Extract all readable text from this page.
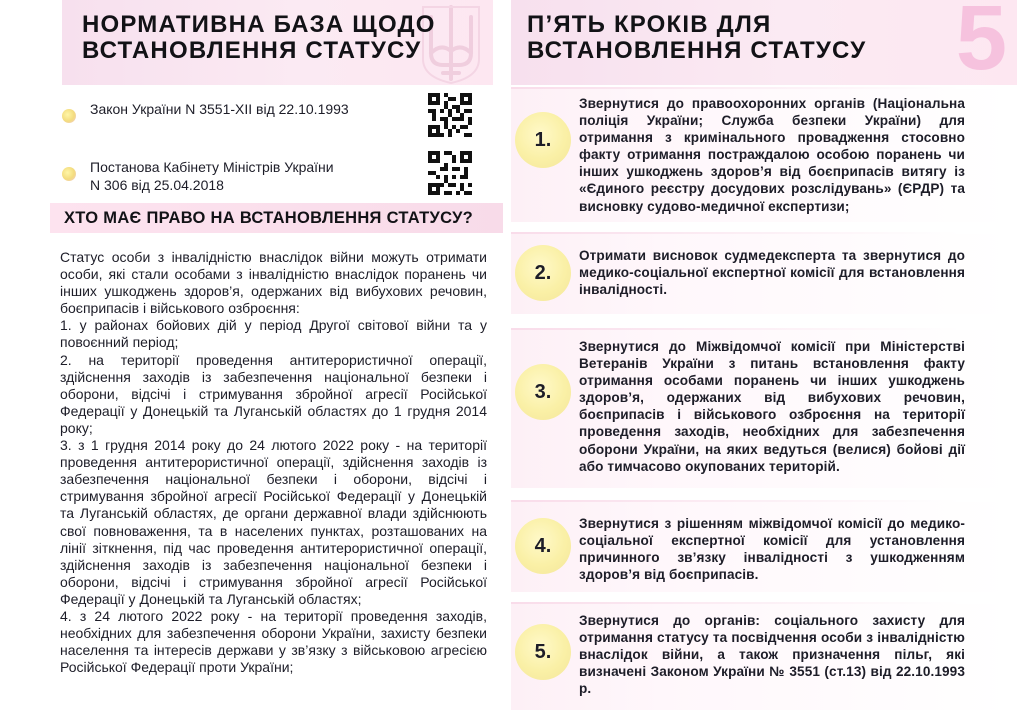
НОРМАТИВНА БАЗА ЩОДО
ВСТАНОВЛЕННЯ СТАТУСУ
Закон України N 3551-XII від 22.10.1993
Постанова Кабінету Міністрів України
N 306 від 25.04.2018
ХТО МАЄ ПРАВО НА ВСТАНОВЛЕННЯ СТАТУСУ?

Статус особи з інвалідністю внаслідок війни можуть отримати особи, які стали особами з інвалідністю внаслідок поранень чи інших ушкоджень здоров’я, одержаних від вибухових речовин, боєприпасів і військового озброєння:

1. у районах бойових дій у період Другої світової війни та у повоєнний період;

2. на території проведення антитерористичної операції, здійснення заходів із забезпечення національної безпеки і оборони, відсічі і стримування збройної агресії Російської Федерації у Донецькій та Луганській областях до 1 грудня 2014 року;

3. з 1 грудня 2014 року до 24 лютого 2022 року - на території проведення антитерористичної операції, здійснення заходів із забезпечення національної безпеки і оборони, відсічі і стримування збройної агресії Російської Федерації у Донецькій та Луганській областях, де органи державної влади здійснюють свої повноваження, та в населених пунктах, розташованих на лінії зіткнення, під час проведення антитерористичної операції, здійснення заходів із забезпечення національної безпеки і оборони, відсічі і стримування збройної агресії Російської Федерації у Донецькій та Луганській областях;

4. з 24 лютого 2022 року - на території проведення заходів, необхідних для забезпечення оборони України, захисту безпеки населення та інтересів держави у зв’язку з військовою агресією Російської Федерації проти України;

5
П’ЯТЬ КРОКІВ ДЛЯ
ВСТАНОВЛЕННЯ СТАТУСУ
1.
Звернутися до правоохоронних органів (Національна поліція України; Служба безпеки України) для отримання з кримінального провадження стосовно факту отримання постраждалою особою поранень чи інших ушкоджень здоров’я від боєприпасів витягу із «Єдиного реєстру досудових розслідувань» (ЄРДР) та висновку судово-медичної експертизи;
2.
Отримати висновок судмедексперта та звернутися до медико-соціальної експертної комісії для встановлення інвалідності.
3.
Звернутися до Міжвідомчої комісії при Міністерстві Ветеранів України з питань встановлення факту отримання особами поранень чи інших ушкоджень здоров’я, одержаних від вибухових речовин, боєприпасів і військового озброєння на території проведення заходів, необхідних для забезпечення оборони України, на яких ведуться (велися) бойові дії або тимчасово окупованих територій.
4.
Звернутися з рішенням міжвідомчої комісії до медико-соціальної експертної комісії для установлення причинного зв’язку інвалідності з ушкодженням здоров’я від боєприпасів.
5.
Звернутися до органів: соціального захисту для отримання статусу та посвідчення особи з інвалідністю внаслідок війни, а також призначення пільг, які визначені Законом України № 3551 (ст.13) від 22.10.1993 р.
